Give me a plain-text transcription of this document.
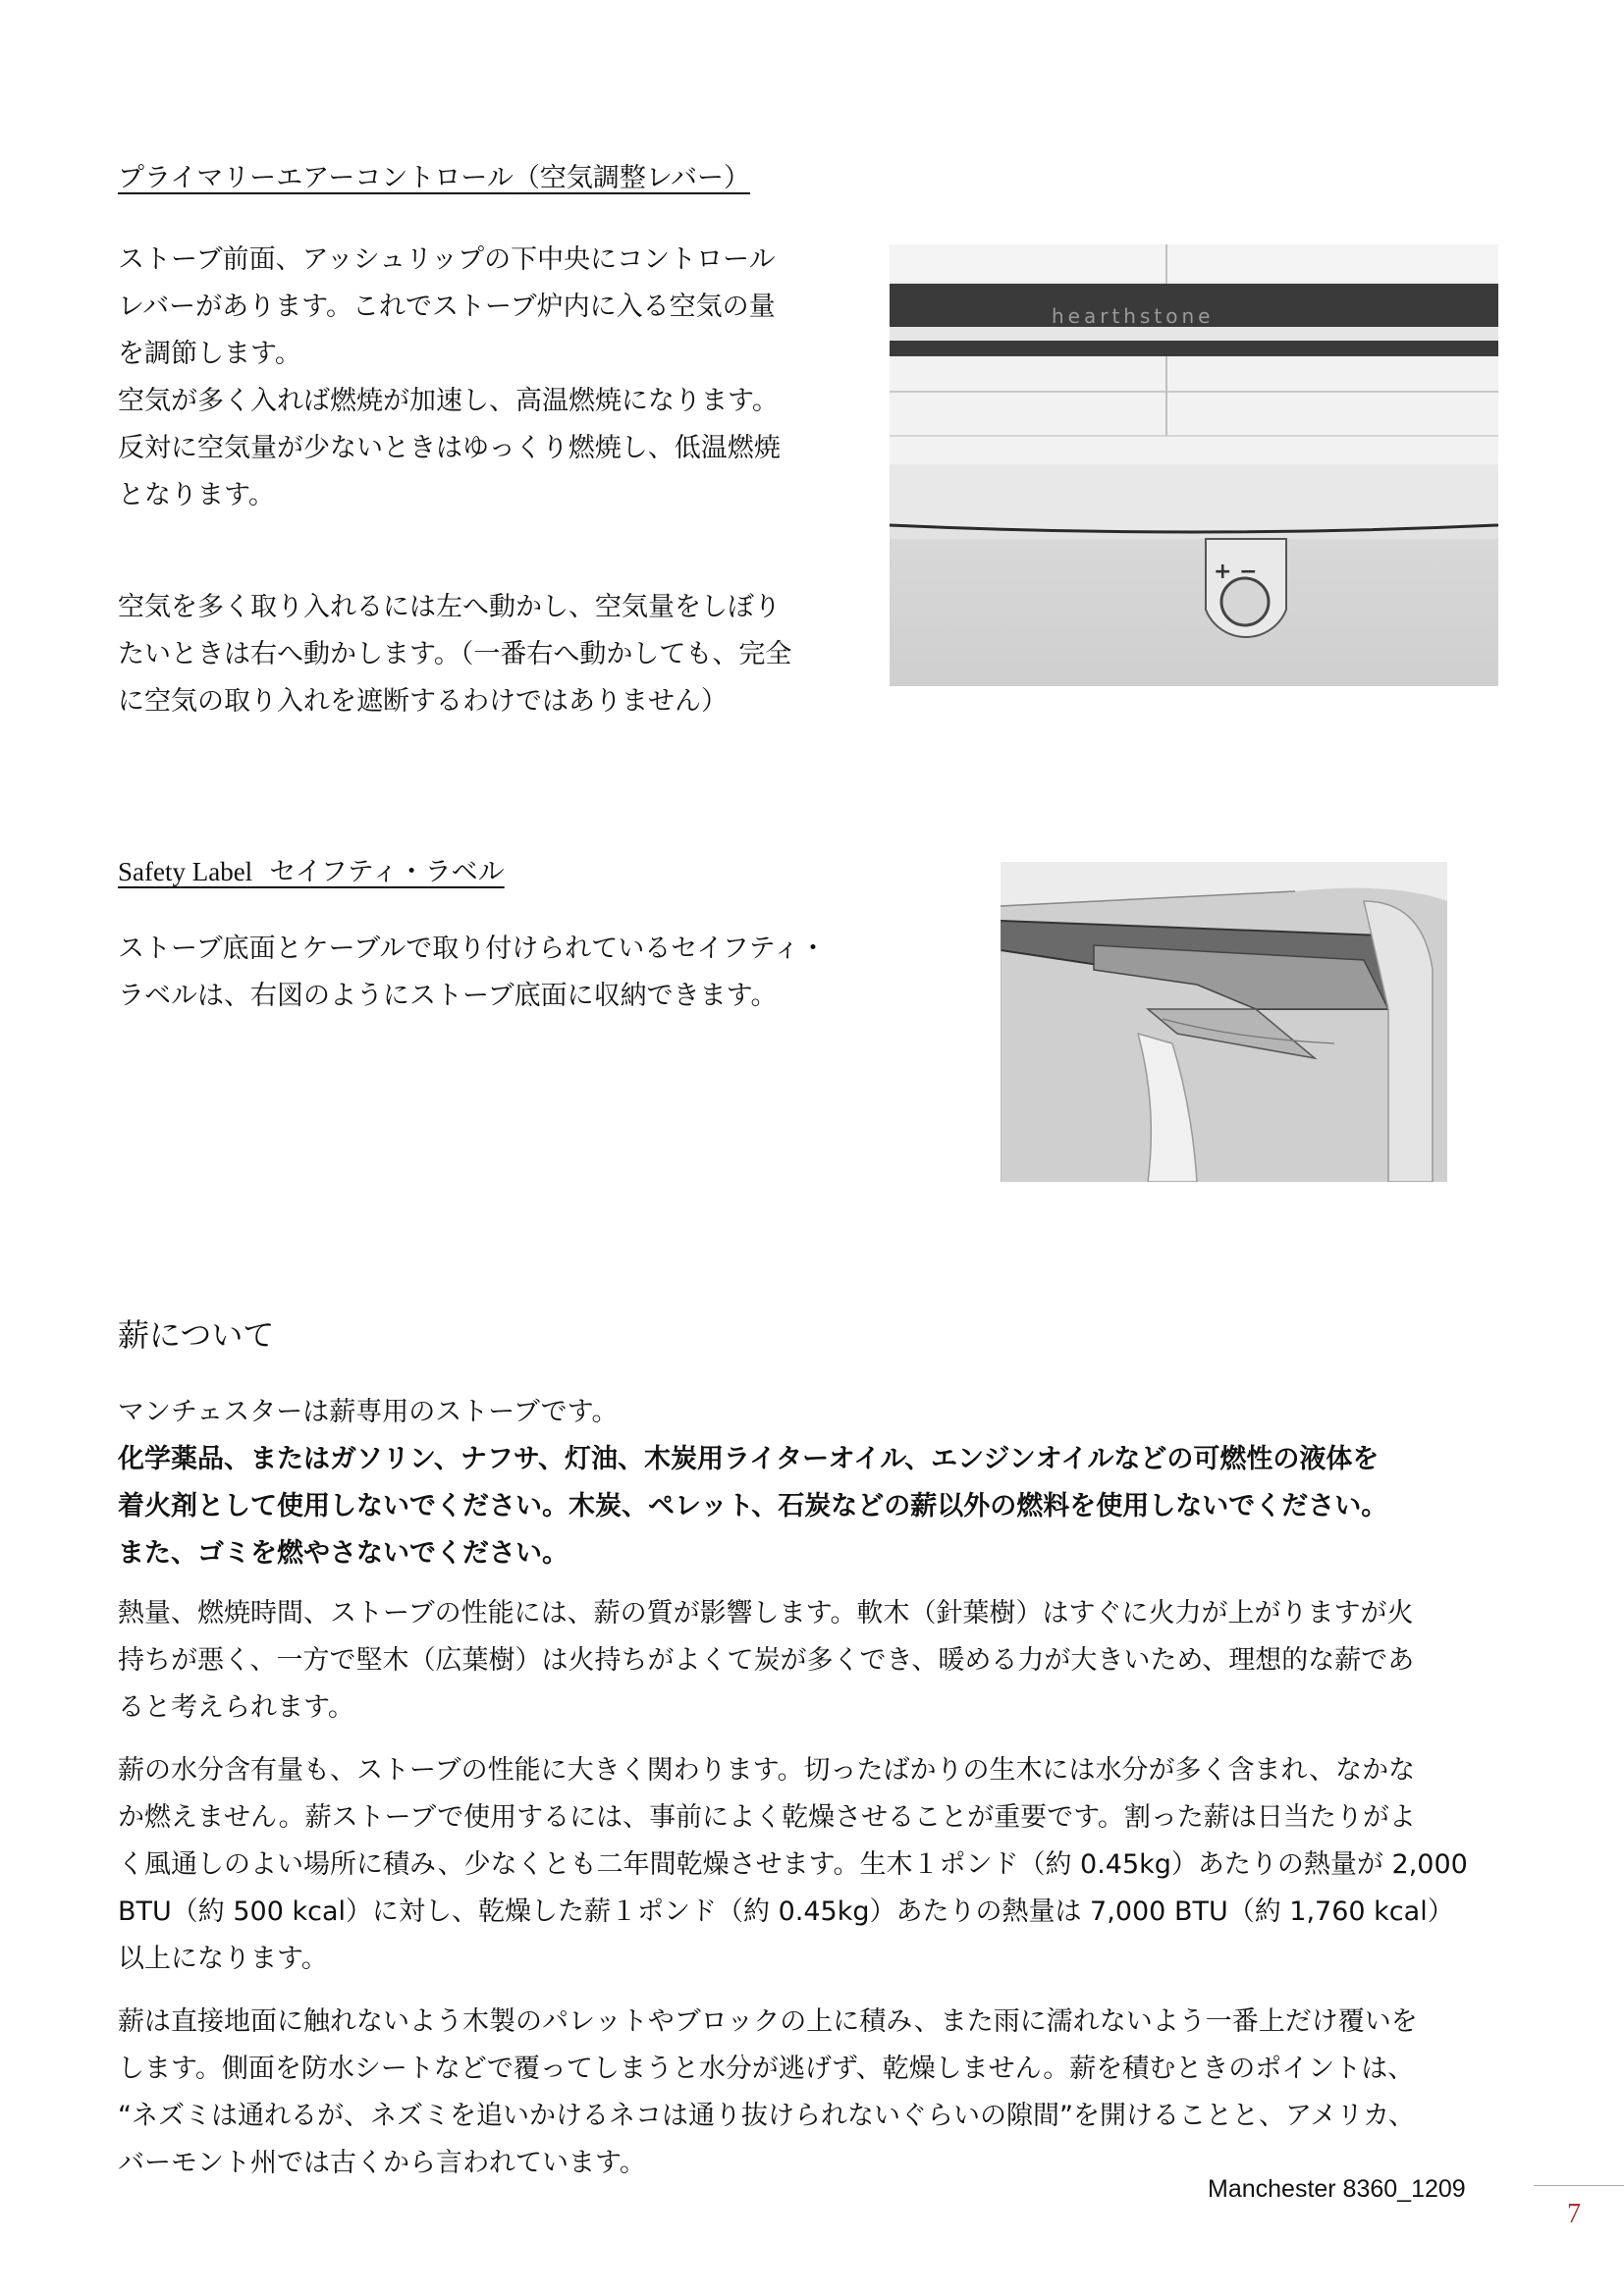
プライマリーエアーコントロール（空気調整レバー）
ストーブ前面、アッシュリップの下中央にコントロール
レバーがあります。これでストーブ炉内に入る空気の量
を調節します。
空気が多く入れば燃焼が加速し、高温燃焼になります。
反対に空気量が少ないときはゆっくり燃焼し、低温燃焼
となります。
空気を多く取り入れるには左へ動かし、空気量をしぼり
たいときは右へ動かします。（一番右へ動かしても、完全
に空気の取り入れを遮断するわけではありません）
hearthstone
+ −
Safety Label セイフティ・ラベル
ストーブ底面とケーブルで取り付けられているセイフティ・
ラベルは、右図のようにストーブ底面に収納できます。
薪について
マンチェスターは薪専用のストーブです。
化学薬品、またはガソリン、ナフサ、灯油、木炭用ライターオイル、エンジンオイルなどの可燃性の液体を
着火剤として使用しないでください。木炭、ペレット、石炭などの薪以外の燃料を使用しないでください。
また、ゴミを燃やさないでください。
熱量、燃焼時間、ストーブの性能には、薪の質が影響します。軟木（針葉樹）はすぐに火力が上がりますが火
持ちが悪く、一方で堅木（広葉樹）は火持ちがよくて炭が多くでき、暖める力が大きいため、理想的な薪であ
ると考えられます。
薪の水分含有量も、ストーブの性能に大きく関わります。切ったばかりの生木には水分が多く含まれ、なかな
か燃えません。薪ストーブで使用するには、事前によく乾燥させることが重要です。割った薪は日当たりがよ
く風通しのよい場所に積み、少なくとも二年間乾燥させます。生木１ポンド（約 0.45kg）あたりの熱量が 2,000
BTU（約 500 kcal）に対し、乾燥した薪１ポンド（約 0.45kg）あたりの熱量は 7,000 BTU（約 1,760 kcal）
以上になります。
薪は直接地面に触れないよう木製のパレットやブロックの上に積み、また雨に濡れないよう一番上だけ覆いを
します。側面を防水シートなどで覆ってしまうと水分が逃げず、乾燥しません。薪を積むときのポイントは、
“ネズミは通れるが、ネズミを追いかけるネコは通り抜けられないぐらいの隙間”を開けることと、アメリカ、
バーモント州では古くから言われています。
Manchester 8360_1209
7
